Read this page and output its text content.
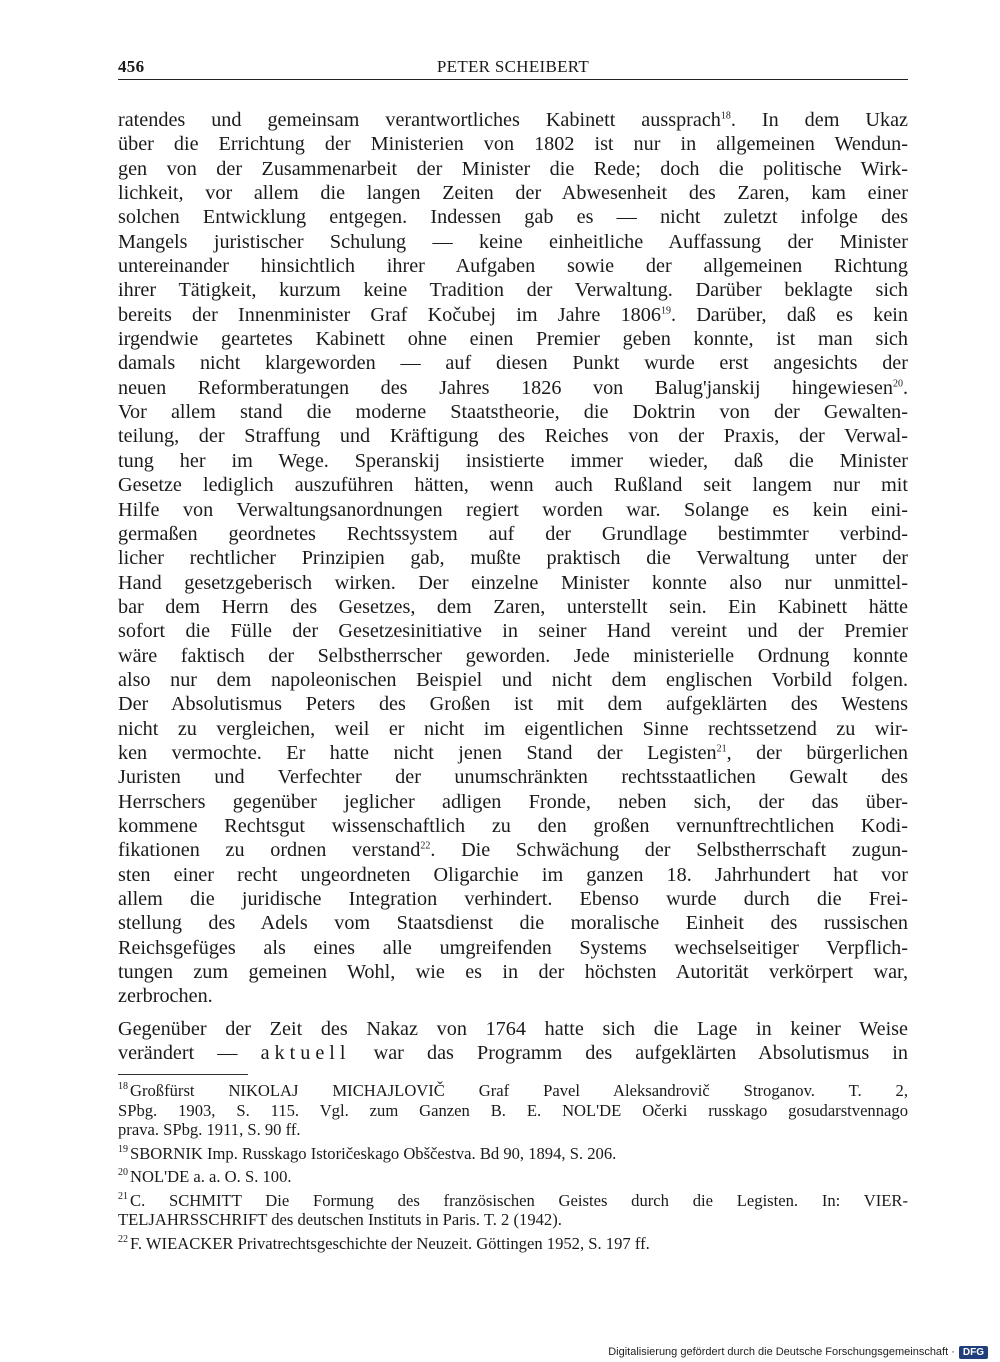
456	PETER SCHEIBERT
ratendes und gemeinsam verantwortliches Kabinett aussprach$^{18}$. In dem Ukaz
über die Errichtung der Ministerien von 1802 ist nur in allgemeinen Wendun-
gen von der Zusammenarbeit der Minister die Rede; doch die politische Wirk-
lichkeit, vor allem die langen Zeiten der Abwesenheit des Zaren, kam einer
solchen Entwicklung entgegen. Indessen gab es — nicht zuletzt infolge des
Mangels juristischer Schulung — keine einheitliche Auffassung der Minister
untereinander hinsichtlich ihrer Aufgaben sowie der allgemeinen Richtung
ihrer Tätigkeit, kurzum keine Tradition der Verwaltung. Darüber beklagte sich
bereits der Innenminister Graf Kočubej im Jahre 1806$^{19}$. Darüber, daß es kein
irgendwie geartetes Kabinett ohne einen Premier geben konnte, ist man sich
damals nicht klargeworden — auf diesen Punkt wurde erst angesichts der
neuen Reformberatungen des Jahres 1826 von Balug'janskij hingewiesen$^{20}$.
Vor allem stand die moderne Staatstheorie, die Doktrin von der Gewalten-
teilung, der Straffung und Kräftigung des Reiches von der Praxis, der Verwal-
tung her im Wege. Speranskij insistierte immer wieder, daß die Minister
Gesetze lediglich auszuführen hätten, wenn auch Rußland seit langem nur mit
Hilfe von Verwaltungsanordnungen regiert worden war. Solange es kein eini-
germaßen geordnetes Rechtssystem auf der Grundlage bestimmter verbind-
licher rechtlicher Prinzipien gab, mußte praktisch die Verwaltung unter der
Hand gesetzgeberisch wirken. Der einzelne Minister konnte also nur unmittel-
bar dem Herrn des Gesetzes, dem Zaren, unterstellt sein. Ein Kabinett hätte
sofort die Fülle der Gesetzesinitiative in seiner Hand vereint und der Premier
wäre faktisch der Selbstherrscher geworden. Jede ministerielle Ordnung konnte
also nur dem napoleonischen Beispiel und nicht dem englischen Vorbild folgen.
Der Absolutismus Peters des Großen ist mit dem aufgeklärten des Westens
nicht zu vergleichen, weil er nicht im eigentlichen Sinne rechtssetzend zu wir-
ken vermochte. Er hatte nicht jenen Stand der Legisten$^{21}$, der bürgerlichen
Juristen und Verfechter der unumschränkten rechtsstaatlichen Gewalt des
Herrschers gegenüber jeglicher adligen Fronde, neben sich, der das über-
kommene Rechtsgut wissenschaftlich zu den großen vernunftrechtlichen Kodi-
fikationen zu ordnen verstand$^{22}$. Die Schwächung der Selbstherrschaft zugun-
sten einer recht ungeordneten Oligarchie im ganzen 18. Jahrhundert hat vor
allem die juridische Integration verhindert. Ebenso wurde durch die Frei-
stellung des Adels vom Staatsdienst die moralische Einheit des russischen
Reichsgefüges als eines alle umgreifenden Systems wechselseitiger Verpflich-
tungen zum gemeinen Wohl, wie es in der höchsten Autorität verkörpert war,
zerbrochen.
Gegenüber der Zeit des Nakaz von 1764 hatte sich die Lage in keiner Weise
verändert — aktuell war das Programm des aufgeklärten Absolutismus in
$^{18}$ Großfürst NIKOLAJ MICHAJLOVIČ Graf Pavel Aleksandrovič Stroganov. T. 2,
SPbg. 1903, S. 115. Vgl. zum Ganzen B. E. NOL'DE Očerki russkago gosudarstvennago
prava. SPbg. 1911, S. 90 ff.
$^{19}$ SBORNIK Imp. Russkago Istoričeskago Obščestva. Bd 90, 1894, S. 206.
$^{20}$ NOL'DE a. a. O. S. 100.
$^{21}$ C. SCHMITT Die Formung des französischen Geistes durch die Legisten. In: VIER-
TELJAHRSSCHRIFT des deutschen Instituts in Paris. T. 2 (1942).
$^{22}$ F. WIEACKER Privatrechtsgeschichte der Neuzeit. Göttingen 1952, S. 197 ff.
Digitalisierung gefördert durch die Deutsche Forschungsgemeinschaft · DFG
